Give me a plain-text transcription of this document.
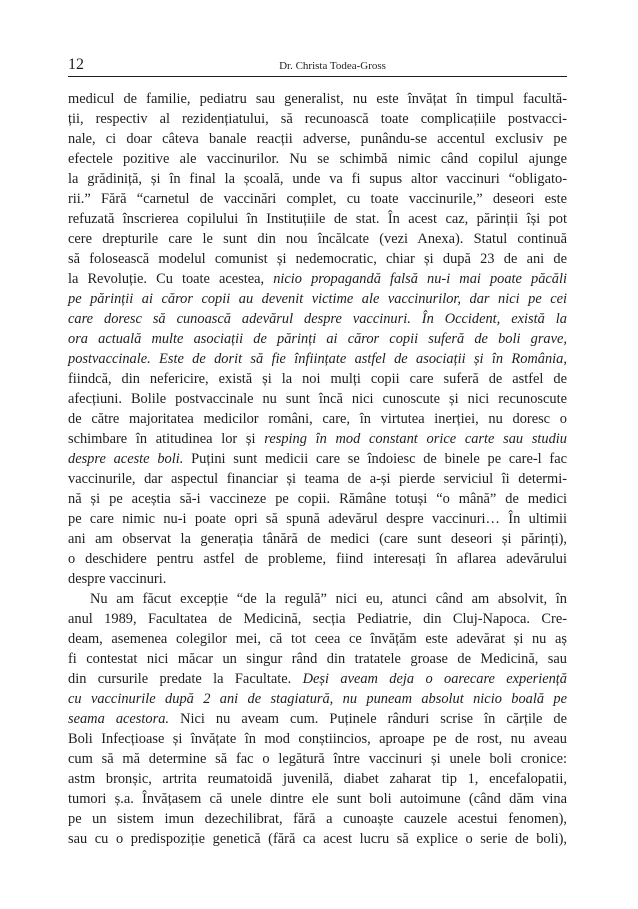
12	Dr. Christa Todea-Gross
medicul de familie, pediatru sau generalist, nu este învățat în timpul facultă-
ții, respectiv al rezidențiatului, să recunoască toate complicațiile postvacci-
nale, ci doar câteva banale reacții adverse, punându-se accentul exclusiv pe
efectele pozitive ale vaccinurilor. Nu se schimbă nimic când copilul ajunge
la grădiniță, și în final la școală, unde va fi supus altor vaccinuri “obligato-
rii.” Fără “carnetul de vaccinări complet, cu toate vaccinurile,” deseori este
refuzată înscrierea copilului în Instituțiile de stat. În acest caz, părinții își pot
cere drepturile care le sunt din nou încălcate (vezi Anexa). Statul continuă
să folosească modelul comunist și nedemocratic, chiar și după 23 de ani de
la Revoluție. Cu toate acestea, nicio propagandă falsă nu-i mai poate păcăli
pe părinții ai căror copii au devenit victime ale vaccinurilor, dar nici pe cei
care doresc să cunoască adevărul despre vaccinuri. În Occident, există la
ora actuală multe asociații de părinți ai căror copii suferă de boli grave,
postvaccinale. Este de dorit să fie înființate astfel de asociații și în România,
fiindcă, din nefericire, există și la noi mulți copii care suferă de astfel de
afecțiuni. Bolile postvaccinale nu sunt încă nici cunoscute și nici recunoscute
de către majoritatea medicilor români, care, în virtutea inerției, nu doresc o
schimbare în atitudinea lor și resping în mod constant orice carte sau studiu
despre aceste boli. Puțini sunt medicii care se îndoiesc de binele pe care-l fac
vaccinurile, dar aspectul financiar și teama de a-și pierde serviciul îi determi-
nă și pe aceștia să-i vaccineze pe copii. Rămâne totuși “o mână” de medici
pe care nimic nu-i poate opri să spună adevărul despre vaccinuri… În ultimii
ani am observat la generația tânără de medici (care sunt deseori și părinți),
o deschidere pentru astfel de probleme, fiind interesați în aflarea adevărului
despre vaccinuri.
Nu am făcut excepție “de la regulă” nici eu, atunci când am absolvit, în
anul 1989, Facultatea de Medicină, secția Pediatrie, din Cluj-Napoca. Cre-
deam, asemenea colegilor mei, că tot ceea ce învățăm este adevărat și nu aș
fi contestat nici măcar un singur rând din tratatele groase de Medicină, sau
din cursurile predate la Facultate. Deși aveam deja o oarecare experiență
cu vaccinurile după 2 ani de stagiatură, nu puneam absolut nicio boală pe
seama acestora. Nici nu aveam cum. Puținele rânduri scrise în cărțile de
Boli Infecțioase și învățate în mod conștiincios, aproape pe de rost, nu aveau
cum să mă determine să fac o legătură între vaccinuri și unele boli cronice:
astm bronșic, artrita reumatoidă juvenilă, diabet zaharat tip 1, encefalopatii,
tumori ș.a. Învățasem că unele dintre ele sunt boli autoimune (când dăm vina
pe un sistem imun dezechilibrat, fără a cunoaște cauzele acestui fenomen),
sau cu o predispoziție genetică (fără ca acest lucru să explice o serie de boli),
